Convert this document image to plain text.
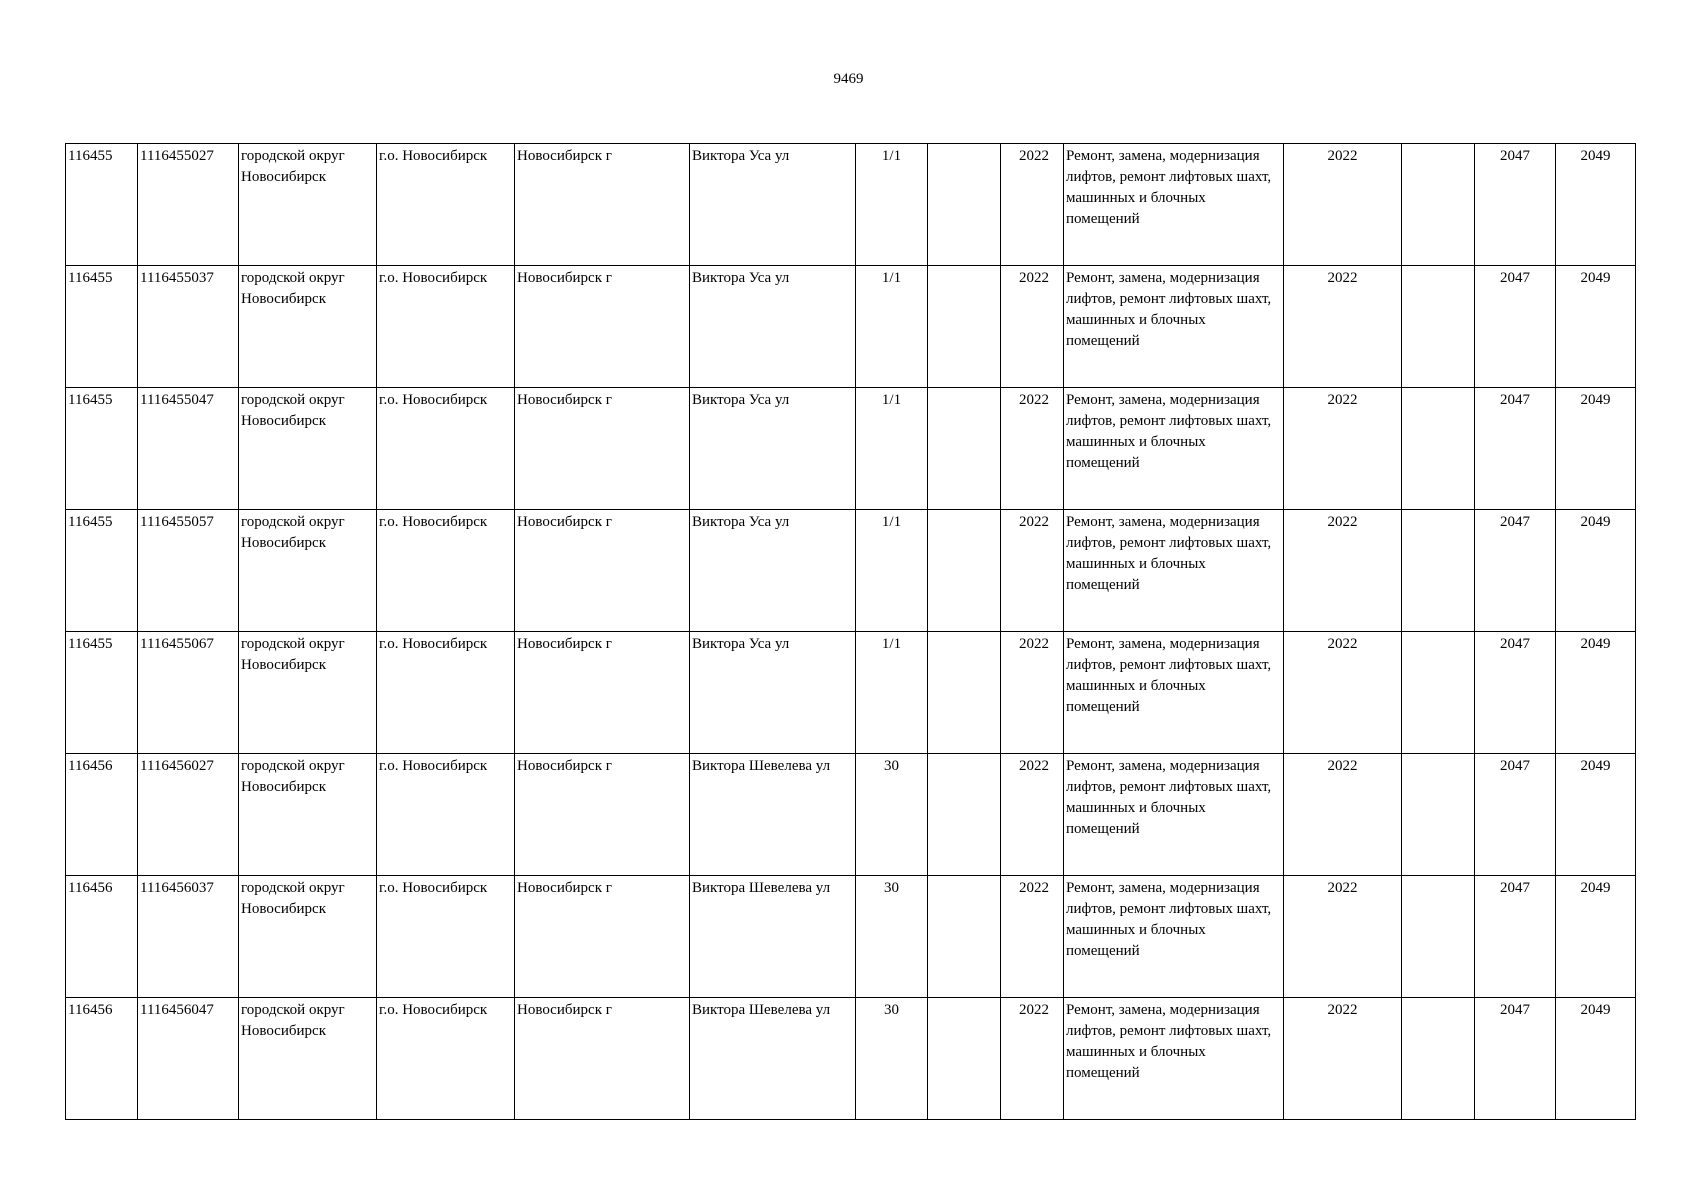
9469
116455	1116455027	городской округ Новосибирск	г.о. Новосибирск	Новосибирск г	Виктора Уса ул	1/1		2022	Ремонт, замена, модернизация лифтов, ремонт лифтовых шахт, машинных и блочных помещений	2022		2047	2049
116455	1116455037	городской округ Новосибирск	г.о. Новосибирск	Новосибирск г	Виктора Уса ул	1/1		2022	Ремонт, замена, модернизация лифтов, ремонт лифтовых шахт, машинных и блочных помещений	2022		2047	2049
116455	1116455047	городской округ Новосибирск	г.о. Новосибирск	Новосибирск г	Виктора Уса ул	1/1		2022	Ремонт, замена, модернизация лифтов, ремонт лифтовых шахт, машинных и блочных помещений	2022		2047	2049
116455	1116455057	городской округ Новосибирск	г.о. Новосибирск	Новосибирск г	Виктора Уса ул	1/1		2022	Ремонт, замена, модернизация лифтов, ремонт лифтовых шахт, машинных и блочных помещений	2022		2047	2049
116455	1116455067	городской округ Новосибирск	г.о. Новосибирск	Новосибирск г	Виктора Уса ул	1/1		2022	Ремонт, замена, модернизация лифтов, ремонт лифтовых шахт, машинных и блочных помещений	2022		2047	2049
116456	1116456027	городской округ Новосибирск	г.о. Новосибирск	Новосибирск г	Виктора Шевелева ул	30		2022	Ремонт, замена, модернизация лифтов, ремонт лифтовых шахт, машинных и блочных помещений	2022		2047	2049
116456	1116456037	городской округ Новосибирск	г.о. Новосибирск	Новосибирск г	Виктора Шевелева ул	30		2022	Ремонт, замена, модернизация лифтов, ремонт лифтовых шахт, машинных и блочных помещений	2022		2047	2049
116456	1116456047	городской округ Новосибирск	г.о. Новосибирск	Новосибирск г	Виктора Шевелева ул	30		2022	Ремонт, замена, модернизация лифтов, ремонт лифтовых шахт, машинных и блочных помещений	2022		2047	2049
